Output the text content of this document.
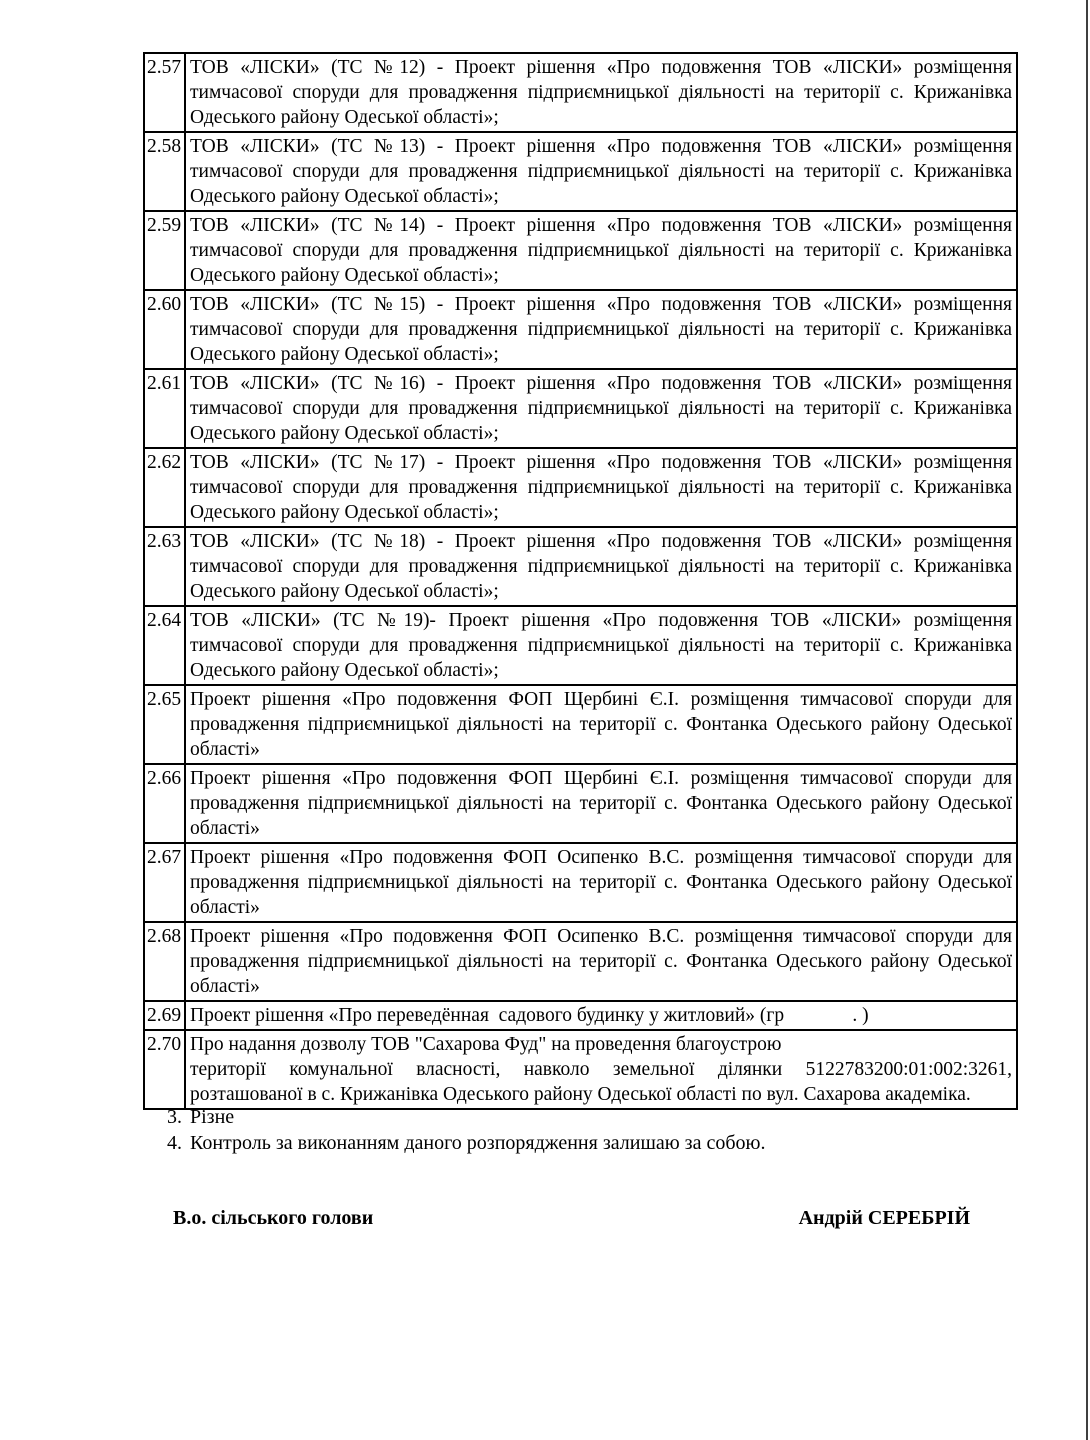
2.57	ТОВ «ЛІСКИ» (ТС №12) - Проект рішення «Про подовження ТОВ «ЛІСКИ» розміщення
тимчасової споруди для провадження підприємницької діяльності на території с. Крижанівка
Одеського району Одеської області»;

2.58	ТОВ «ЛІСКИ» (ТС №13) - Проект рішення «Про подовження ТОВ «ЛІСКИ» розміщення
тимчасової споруди для провадження підприємницької діяльності на території с. Крижанівка
Одеського району Одеської області»;

2.59	ТОВ «ЛІСКИ» (ТС №14) - Проект рішення «Про подовження ТОВ «ЛІСКИ» розміщення
тимчасової споруди для провадження підприємницької діяльності на території с. Крижанівка
Одеського району Одеської області»;

2.60	ТОВ «ЛІСКИ» (ТС №15) - Проект рішення «Про подовження ТОВ «ЛІСКИ» розміщення
тимчасової споруди для провадження підприємницької діяльності на території с. Крижанівка
Одеського району Одеської області»;

2.61	ТОВ «ЛІСКИ» (ТС №16) - Проект рішення «Про подовження ТОВ «ЛІСКИ» розміщення
тимчасової споруди для провадження підприємницької діяльності на території с. Крижанівка
Одеського району Одеської області»;

2.62	ТОВ «ЛІСКИ» (ТС №17) - Проект рішення «Про подовження ТОВ «ЛІСКИ» розміщення
тимчасової споруди для провадження підприємницької діяльності на території с. Крижанівка
Одеського району Одеської області»;

2.63	ТОВ «ЛІСКИ» (ТС №18) - Проект рішення «Про подовження ТОВ «ЛІСКИ» розміщення
тимчасової споруди для провадження підприємницької діяльності на території с. Крижанівка
Одеського району Одеської області»;

2.64	ТОВ «ЛІСКИ» (ТС №19)- Проект рішення «Про подовження ТОВ «ЛІСКИ» розміщення
тимчасової споруди для провадження підприємницької діяльності на території с. Крижанівка
Одеського району Одеської області»;

2.65	Проект рішення «Про подовження ФОП Щербині Є.І. розміщення тимчасової споруди для
провадження підприємницької діяльності на території с. Фонтанка Одеського району Одеської
області»

2.66	Проект рішення «Про подовження ФОП Щербині Є.І. розміщення тимчасової споруди для
провадження підприємницької діяльності на території с. Фонтанка Одеського району Одеської
області»

2.67	Проект рішення «Про подовження ФОП Осипенко В.С. розміщення тимчасової споруди для
провадження підприємницької діяльності на території с. Фонтанка Одеського району Одеської
області»

2.68	Проект рішення «Про подовження ФОП Осипенко В.С. розміщення тимчасової споруди для
провадження підприємницької діяльності на території с. Фонтанка Одеського району Одеської
області»

2.69	Проект рішення «Про переведённая  садового будинку у житловий» (гр              . )

2.70	Про надання дозволу ТОВ "Сахарова Фуд" на проведення благоустрою
території комунальної власності, навколо земельної ділянки 5122783200:01:002:3261,
розташованої в с. Крижанівка Одеського району Одеської області по вул. Сахарова академіка.
3. Різне
4. Контроль за виконанням даного розпорядження залишаю за собою.
В.о. сільського голови	Андрій СЕРЕБРІЙ
